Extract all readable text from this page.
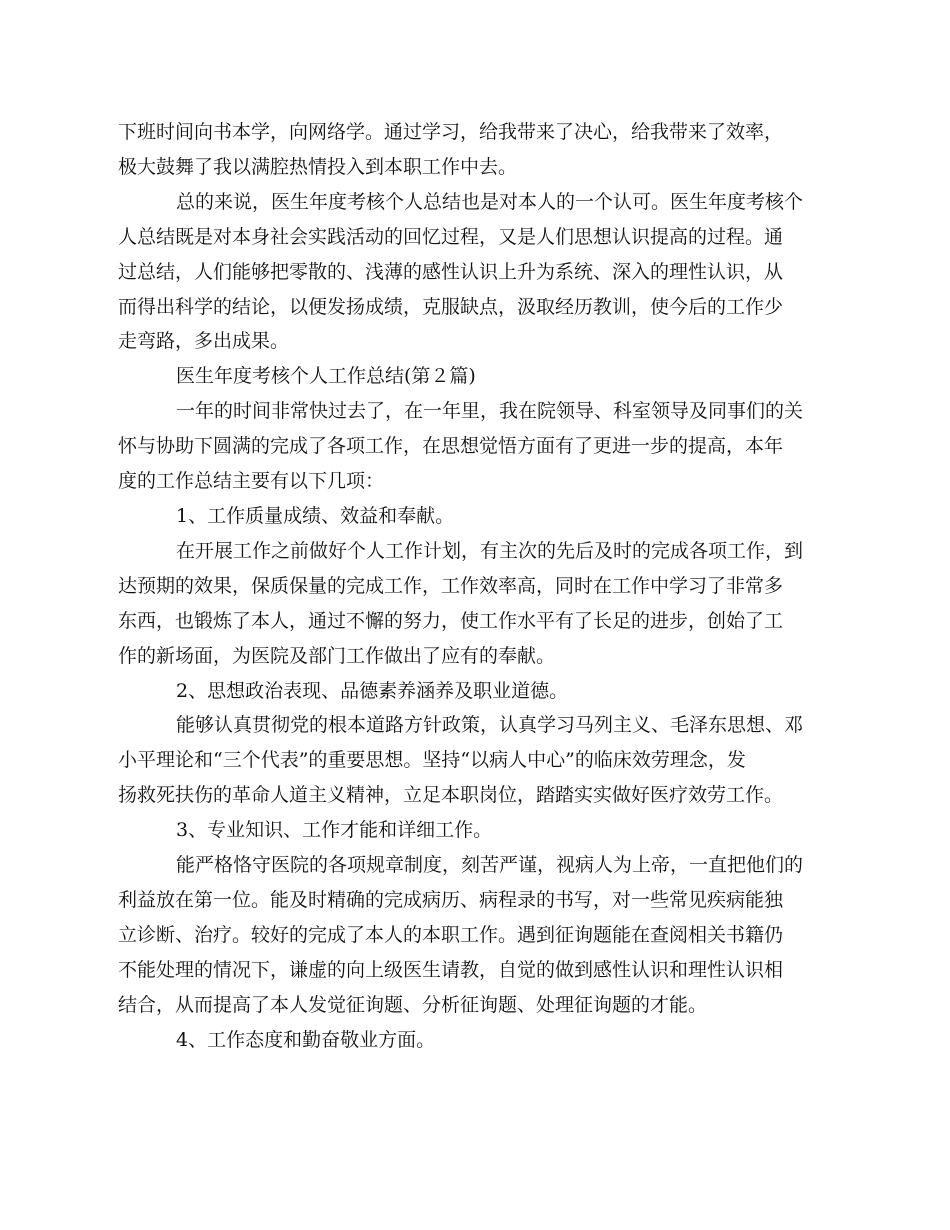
下班时间向书本学，向网络学。通过学习，给我带来了决心，给我带来了效率，

极大鼓舞了我以满腔热情投入到本职工作中去。

总的来说，医生年度考核个人总结也是对本人的一个认可。医生年度考核个

人总结既是对本身社会实践活动的回忆过程，又是人们思想认识提高的过程。通

过总结，人们能够把零散的、浅薄的感性认识上升为系统、深入的理性认识，从

而得出科学的结论，以便发扬成绩，克服缺点，汲取经历教训，使今后的工作少

走弯路，多出成果。

医生年度考核个人工作总结(第２篇)

一年的时间非常快过去了，在一年里，我在院领导、科室领导及同事们的关

怀与协助下圆满的完成了各项工作，在思想觉悟方面有了更进一步的提高，本年

度的工作总结主要有以下几项：

1、工作质量成绩、效益和奉献。

在开展工作之前做好个人工作计划，有主次的先后及时的完成各项工作，到

达预期的效果，保质保量的完成工作，工作效率高，同时在工作中学习了非常多

东西，也锻炼了本人，通过不懈的努力，使工作水平有了长足的进步，创始了工

作的新场面，为医院及部门工作做出了应有的奉献。

2、思想政治表现、品德素养涵养及职业道德。

能够认真贯彻党的根本道路方针政策，认真学习马列主义、毛泽东思想、邓

小平理论和“三个代表”的重要思想。坚持“以病人中心”的临床效劳理念，发

扬救死扶伤的革命人道主义精神，立足本职岗位，踏踏实实做好医疗效劳工作。

3、专业知识、工作才能和详细工作。

能严格恪守医院的各项规章制度，刻苦严谨，视病人为上帝，一直把他们的

利益放在第一位。能及时精确的完成病历、病程录的书写，对一些常见疾病能独

立诊断、治疗。较好的完成了本人的本职工作。遇到征询题能在查阅相关书籍仍

不能处理的情况下，谦虚的向上级医生请教，自觉的做到感性认识和理性认识相

结合，从而提高了本人发觉征询题、分析征询题、处理征询题的才能。

4、工作态度和勤奋敬业方面。
